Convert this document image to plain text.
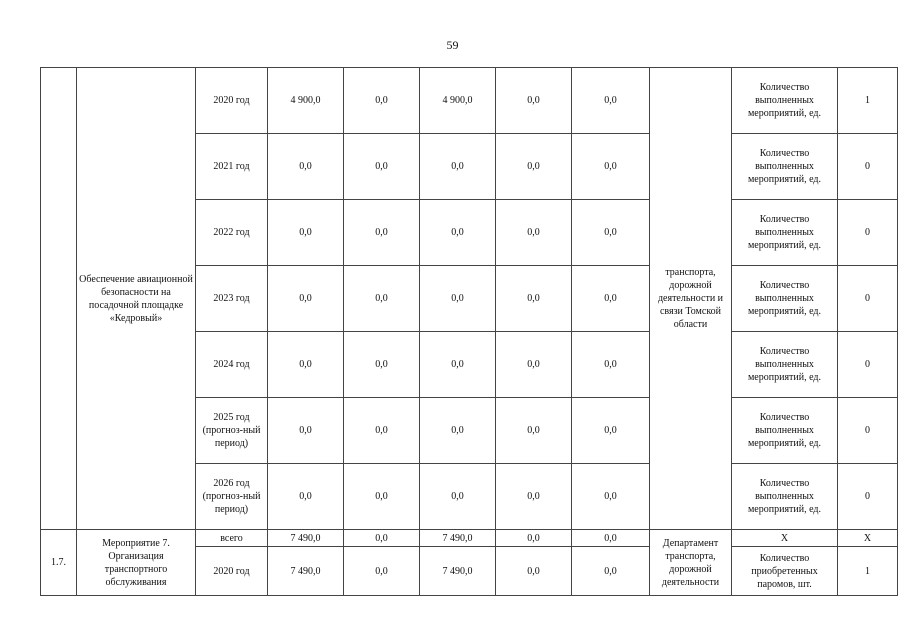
59
	Обеспечение авиационной безопасности на посадочной площадке «Кедровый»	2020 год	4 900,0	0,0	4 900,0	0,0	0,0	транспорта, дорожной деятельности и связи Томской области	Количество выполненных мероприятий, ед.	1
		2021 год	0,0	0,0	0,0	0,0	0,0		Количество выполненных мероприятий, ед.	0
		2022 год	0,0	0,0	0,0	0,0	0,0		Количество выполненных мероприятий, ед.	0
		2023 год	0,0	0,0	0,0	0,0	0,0		Количество выполненных мероприятий, ед.	0
		2024 год	0,0	0,0	0,0	0,0	0,0		Количество выполненных мероприятий, ед.	0
		2025 год (прогноз-ный период)	0,0	0,0	0,0	0,0	0,0		Количество выполненных мероприятий, ед.	0
		2026 год (прогноз-ный период)	0,0	0,0	0,0	0,0	0,0		Количество выполненных мероприятий, ед.	0
1.7.	Мероприятие 7. Организация транспортного обслуживания	всего	7 490,0	0,0	7 490,0	0,0	0,0	Департамент транспорта, дорожной деятельности	Х	Х
		2020 год	7 490,0	0,0	7 490,0	0,0	0,0		Количество приобретенных паромов, шт.	1
